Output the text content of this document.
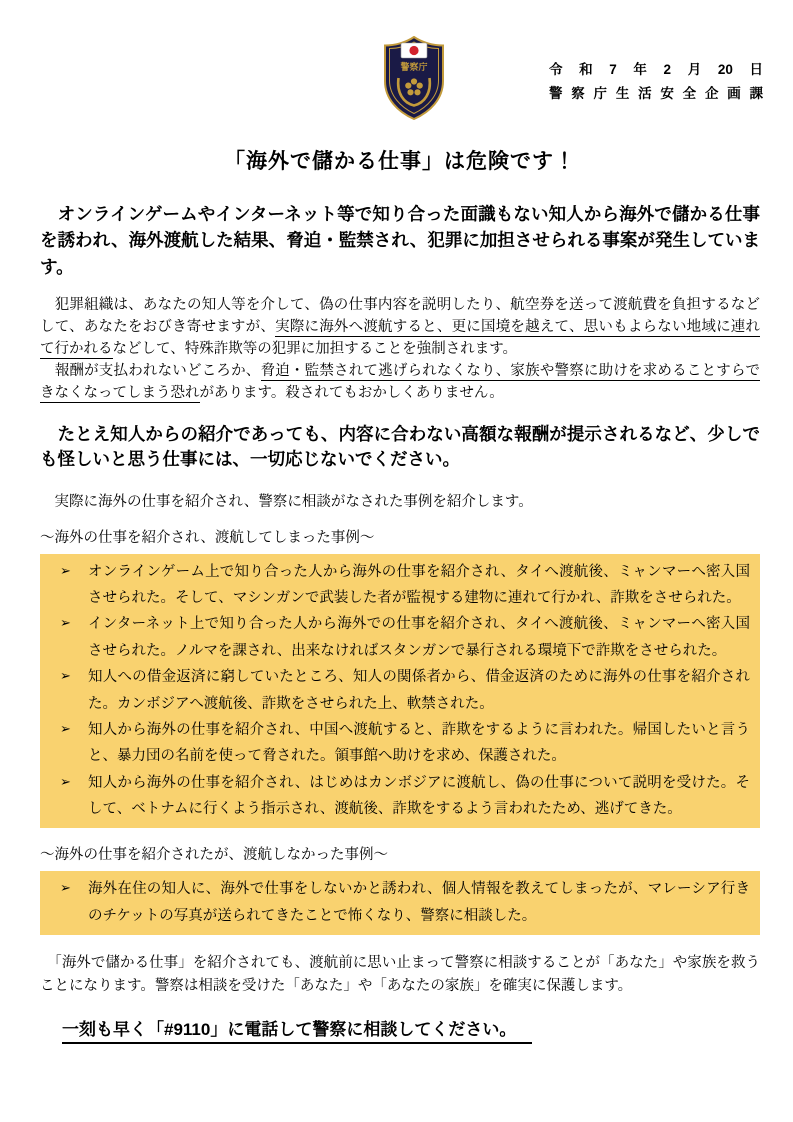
警察庁	令和7年2月20日
警察庁生活安全企画課
「海外で儲かる仕事」は危険です！

　オンラインゲームやインターネット等で知り合った面識もない知人から海外で儲かる仕事を誘われ、海外渡航した結果、脅迫・監禁され、犯罪に加担させられる事案が発生しています。

　犯罪組織は、あなたの知人等を介して、偽の仕事内容を説明したり、航空券を送って渡航費を負担するなどして、あなたをおびき寄せますが、実際に海外へ渡航すると、更に国境を越えて、思いもよらない地域に連れて行かれるなどして、特殊詐欺等の犯罪に加担することを強制されます。

　報酬が支払われないどころか、脅迫・監禁されて逃げられなくなり、家族や警察に助けを求めることすらできなくなってしまう恐れがあります。殺されてもおかしくありません。

　たとえ知人からの紹介であっても、内容に合わない高額な報酬が提示されるなど、少しでも怪しいと思う仕事には、一切応じないでください。

　実際に海外の仕事を紹介され、警察に相談がなされた事例を紹介します。

～海外の仕事を紹介され、渡航してしまった事例～

➢ オンラインゲーム上で知り合った人から海外の仕事を紹介され、タイへ渡航後、ミャンマーへ密入国させられた。そして、マシンガンで武装した者が監視する建物に連れて行かれ、詐欺をさせられた。
➢ インターネット上で知り合った人から海外での仕事を紹介され、タイへ渡航後、ミャンマーへ密入国させられた。ノルマを課され、出来なければスタンガンで暴行される環境下で詐欺をさせられた。
➢ 知人への借金返済に窮していたところ、知人の関係者から、借金返済のために海外の仕事を紹介された。カンボジアへ渡航後、詐欺をさせられた上、軟禁された。
➢ 知人から海外の仕事を紹介され、中国へ渡航すると、詐欺をするように言われた。帰国したいと言うと、暴力団の名前を使って脅された。領事館へ助けを求め、保護された。
➢ 知人から海外の仕事を紹介され、はじめはカンボジアに渡航し、偽の仕事について説明を受けた。そして、ベトナムに行くよう指示され、渡航後、詐欺をするよう言われたため、逃げてきた。

～海外の仕事を紹介されたが、渡航しなかった事例～

➢ 海外在住の知人に、海外で仕事をしないかと誘われ、個人情報を教えてしまったが、マレーシア行きのチケットの写真が送られてきたことで怖くなり、警察に相談した。

　「海外で儲かる仕事」を紹介されても、渡航前に思い止まって警察に相談することが「あなた」や家族を救うことになります。警察は相談を受けた「あなた」や「あなたの家族」を確実に保護します。

一刻も早く「#9110」に電話して警察に相談してください。
